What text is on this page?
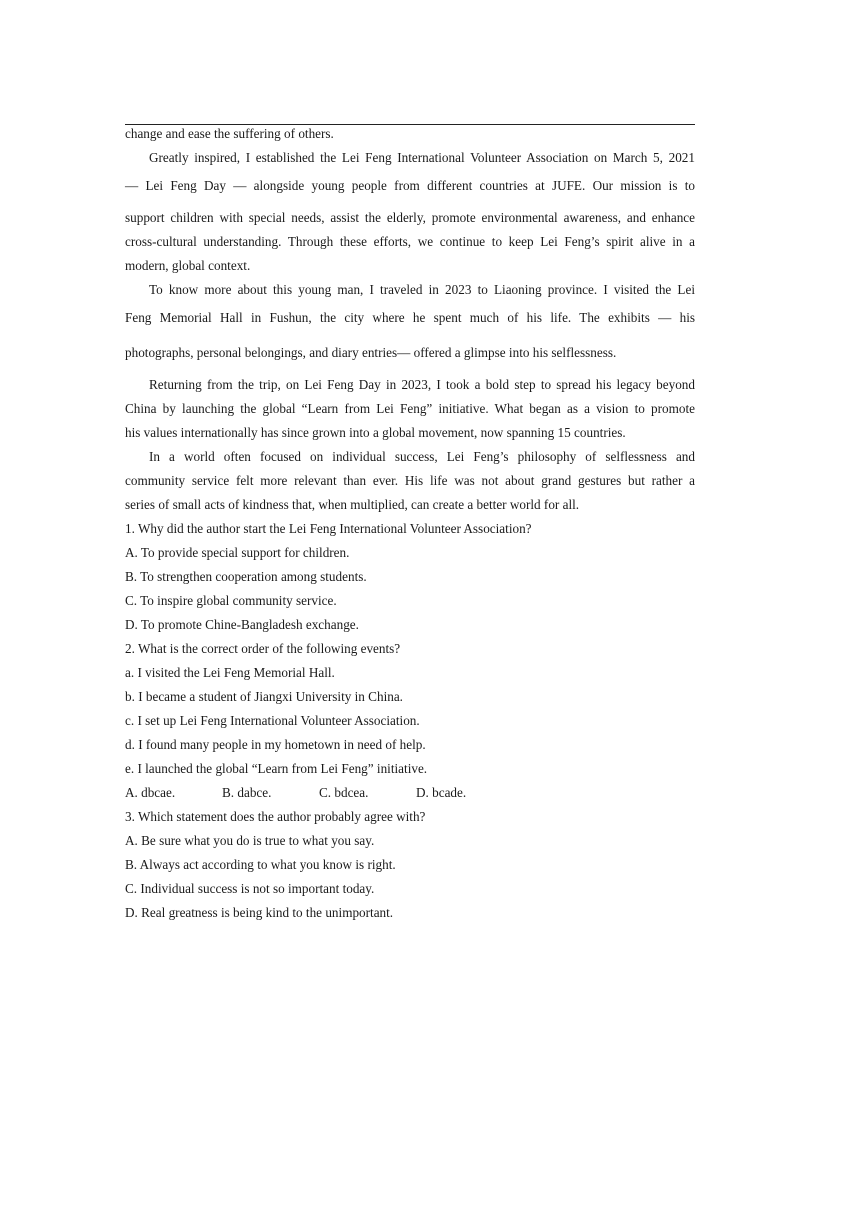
change and ease the suffering of others.
Greatly inspired, I established the Lei Feng International Volunteer Association on March 5, 2021
— Lei Feng Day — alongside young people from different countries at JUFE. Our mission is to
support children with special needs, assist the elderly, promote environmental awareness, and enhance
cross-cultural understanding. Through these efforts, we continue to keep Lei Feng’s spirit alive in a
modern, global context.
To know more about this young man, I traveled in 2023 to Liaoning province. I visited the Lei
Feng Memorial Hall in Fushun, the city where he spent much of his life. The exhibits — his
photographs, personal belongings, and diary entries— offered a glimpse into his selflessness.
Returning from the trip, on Lei Feng Day in 2023, I took a bold step to spread his legacy beyond
China by launching the global “Learn from Lei Feng” initiative. What began as a vision to promote
his values internationally has since grown into a global movement, now spanning 15 countries.
In a world often focused on individual success, Lei Feng’s philosophy of selflessness and
community service felt more relevant than ever. His life was not about grand gestures but rather a
series of small acts of kindness that, when multiplied, can create a better world for all.
1. Why did the author start the Lei Feng International Volunteer Association?
A. To provide special support for children.
B. To strengthen cooperation among students.
C. To inspire global community service.
D. To promote Chine-Bangladesh exchange.
2. What is the correct order of the following events?
a. I visited the Lei Feng Memorial Hall.
b. I became a student of Jiangxi University in China.
c. I set up Lei Feng International Volunteer Association.
d. I found many people in my hometown in need of help.
e. I launched the global “Learn from Lei Feng” initiative.
A. dbcae.	B. dabce.	C. bdcea.	D. bcade.
3. Which statement does the author probably agree with?
A. Be sure what you do is true to what you say.
B. Always act according to what you know is right.
C. Individual success is not so important today.
D. Real greatness is being kind to the unimportant.
